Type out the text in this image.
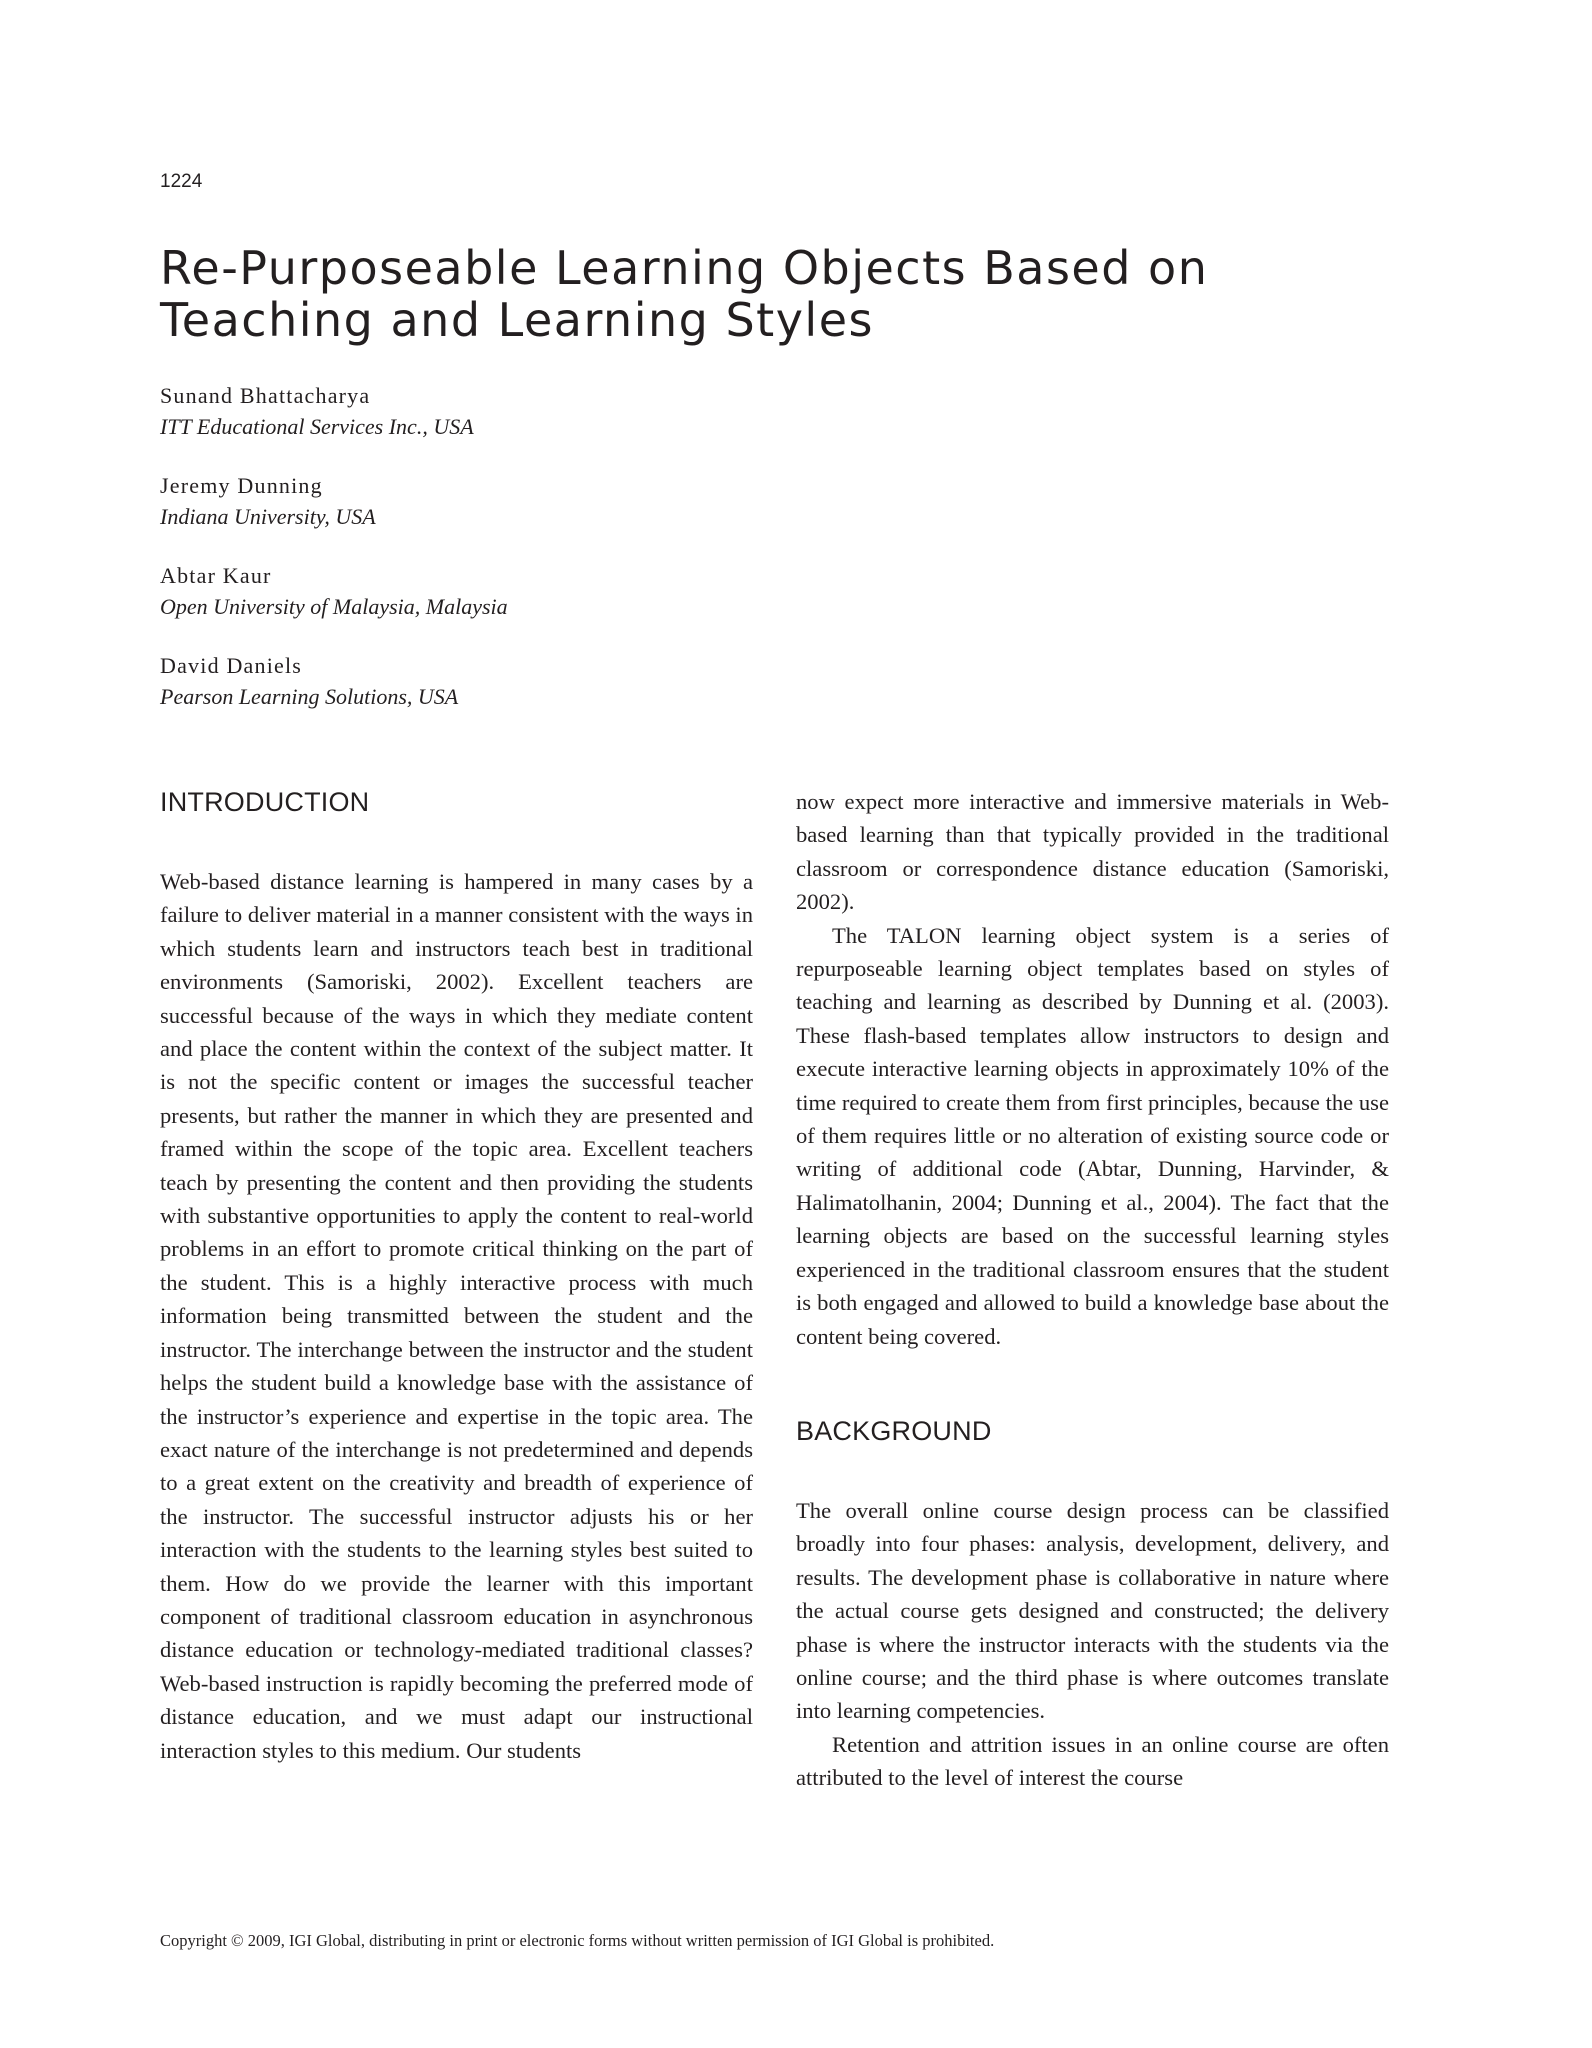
1224
Re-Purposeable Learning Objects Based on
Teaching and Learning Styles
Sunand Bhattacharya
ITT Educational Services Inc., USA
Jeremy Dunning
Indiana University, USA
Abtar Kaur
Open University of Malaysia, Malaysia
David Daniels
Pearson Learning Solutions, USA
INTRODUCTION

Web-based distance learning is hampered in many cases by a failure to deliver material in a manner consistent with the ways in which students learn and instructors teach best in traditional environments (Samoriski, 2002). Excellent teachers are successful because of the ways in which they mediate content and place the content within the context of the subject matter. It is not the specific content or images the successful teacher presents, but rather the manner in which they are presented and framed within the scope of the topic area. Excellent teachers teach by presenting the content and then providing the students with substantive opportunities to apply the content to real-world problems in an effort to promote critical thinking on the part of the student. This is a highly interactive process with much information being transmitted between the student and the instructor. The interchange between the instructor and the student helps the student build a knowledge base with the assistance of the instructor’s experience and expertise in the topic area. The exact nature of the interchange is not predetermined and depends to a great extent on the creativity and breadth of experience of the instructor. The successful instructor adjusts his or her interaction with the students to the learning styles best suited to them. How do we provide the learner with this important component of traditional classroom education in asynchronous distance education or technology-mediated traditional classes? Web-based instruction is rapidly becoming the preferred mode of distance education, and we must adapt our instructional interaction styles to this medium. Our students

now expect more interactive and immersive materials in Web-based learning than that typically provided in the traditional classroom or correspondence distance education (Samoriski, 2002).

The TALON learning object system is a series of repurposeable learning object templates based on styles of teaching and learning as described by Dunning et al. (2003). These flash-based templates allow instructors to design and execute interactive learning objects in approximately 10% of the time required to create them from first principles, because the use of them requires little or no alteration of existing source code or writing of additional code (Abtar, Dunning, Harvinder, & Halimatolhanin, 2004; Dunning et al., 2004). The fact that the learning objects are based on the successful learning styles experienced in the traditional classroom ensures that the student is both engaged and allowed to build a knowledge base about the content being covered.

BACKGROUND

The overall online course design process can be classified broadly into four phases: analysis, development, delivery, and results. The development phase is collaborative in nature where the actual course gets designed and constructed; the delivery phase is where the instructor interacts with the students via the online course; and the third phase is where outcomes translate into learning competencies.

Retention and attrition issues in an online course are often attributed to the level of interest the course

Copyright © 2009, IGI Global, distributing in print or electronic forms without written permission of IGI Global is prohibited.
